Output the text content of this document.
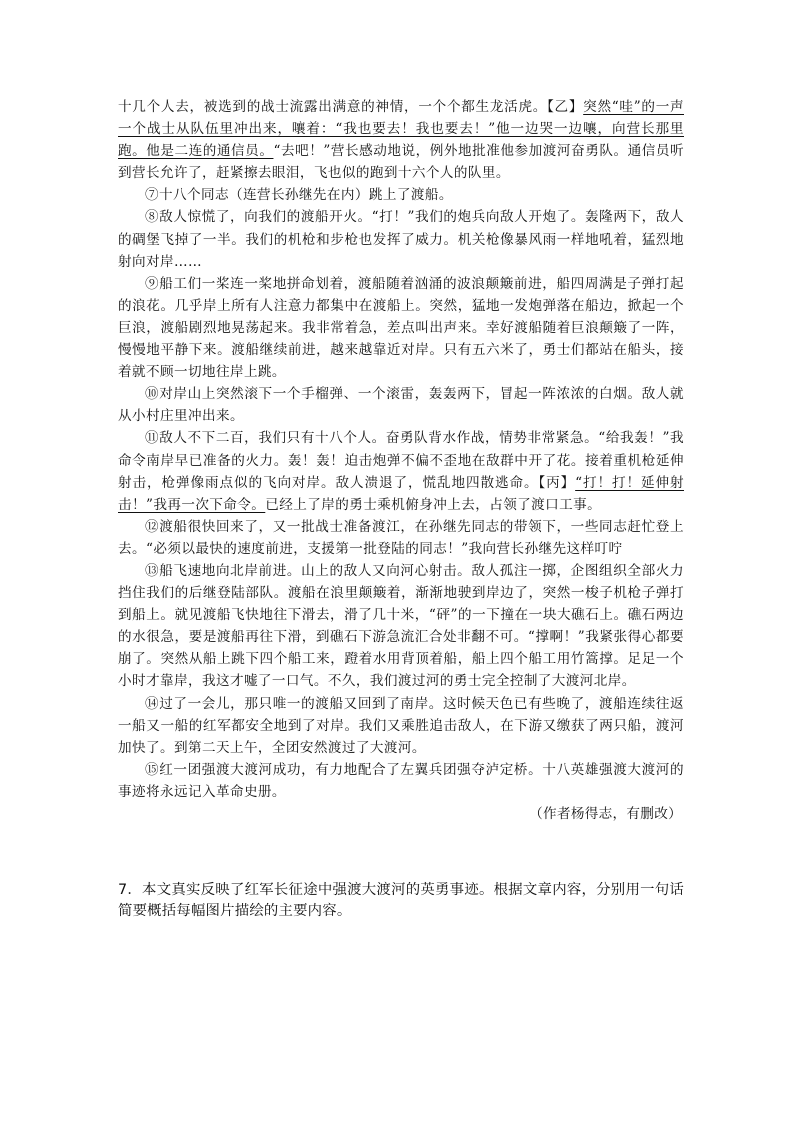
十几个人去，被选到的战士流露出满意的神情，一个个都生龙活虎。【乙】突然“哇”的一声一个战士从队伍里冲出来，嚷着：“我也要去！我也要去！”他一边哭一边嚷，向营长那里跑。他是二连的通信员。“去吧！”营长感动地说，例外地批准他参加渡河奋勇队。通信员听到营长允许了，赶紧擦去眼泪，飞也似的跑到十六个人的队里。

⑦十八个同志（连营长孙继先在内）跳上了渡船。

⑧敌人惊慌了，向我们的渡船开火。“打！”我们的炮兵向敌人开炮了。轰隆两下，敌人的碉堡飞掉了一半。我们的机枪和步枪也发挥了威力。机关枪像暴风雨一样地吼着，猛烈地射向对岸……

⑨船工们一桨连一桨地拼命划着，渡船随着汹涌的波浪颠簸前进，船四周满是子弹打起的浪花。几乎岸上所有人注意力都集中在渡船上。突然，猛地一发炮弹落在船边，掀起一个巨浪，渡船剧烈地晃荡起来。我非常着急，差点叫出声来。幸好渡船随着巨浪颠簸了一阵，慢慢地平静下来。渡船继续前进，越来越靠近对岸。只有五六米了，勇士们都站在船头，接着就不顾一切地往岸上跳。

⑩对岸山上突然滚下一个手榴弹、一个滚雷，轰轰两下，冒起一阵浓浓的白烟。敌人就从小村庄里冲出来。

⑪敌人不下二百，我们只有十八个人。奋勇队背水作战，情势非常紧急。“给我轰！”我命令南岸早已准备的火力。轰！轰！迫击炮弹不偏不歪地在敌群中开了花。接着重机枪延伸射击，枪弹像雨点似的飞向对岸。敌人溃退了，慌乱地四散逃命。【丙】“打！打！延伸射击！”我再一次下命令。已经上了岸的勇士乘机俯身冲上去，占领了渡口工事。

⑫渡船很快回来了，又一批战士准备渡江，在孙继先同志的带领下，一些同志赶忙登上去。“必须以最快的速度前进，支援第一批登陆的同志！”我向营长孙继先这样叮咛

⑬船飞速地向北岸前进。山上的敌人又向河心射击。敌人孤注一掷，企图组织全部火力挡住我们的后继登陆部队。渡船在浪里颠簸着，渐渐地驶到岸边了，突然一梭子机枪子弹打到船上。就见渡船飞快地往下滑去，滑了几十米，“砰”的一下撞在一块大礁石上。礁石两边的水很急，要是渡船再往下滑，到礁石下游急流汇合处非翻不可。“撑啊！”我紧张得心都要崩了。突然从船上跳下四个船工来，蹬着水用背顶着船，船上四个船工用竹篙撑。足足一个小时才靠岸，我这才嘘了一口气。不久，我们渡过河的勇士完全控制了大渡河北岸。

⑭过了一会儿，那只唯一的渡船又回到了南岸。这时候天色已有些晚了，渡船连续往返一船又一船的红军都安全地到了对岸。我们又乘胜追击敌人，在下游又缴获了两只船，渡河加快了。到第二天上午，全团安然渡过了大渡河。

⑮红一团强渡大渡河成功，有力地配合了左翼兵团强夺泸定桥。十八英雄强渡大渡河的事迹将永远记入革命史册。

（作者杨得志，有删改）

7．本文真实反映了红军长征途中强渡大渡河的英勇事迹。根据文章内容，分别用一句话简要概括每幅图片描绘的主要内容。
